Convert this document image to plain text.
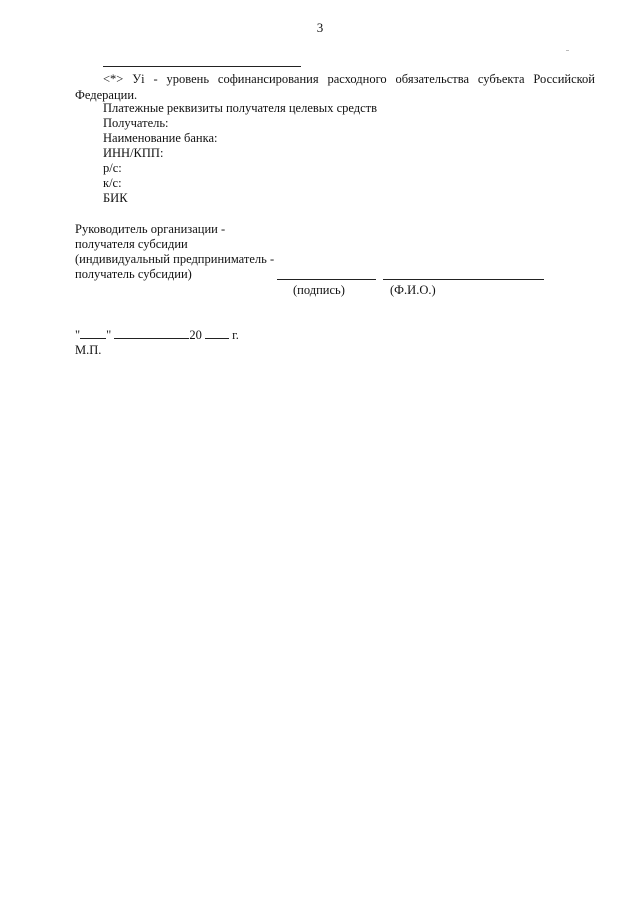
3
<*> Уi - уровень софинансирования расходного обязательства субъекта Российской
Федерации.
Платежные реквизиты получателя целевых средств
Получатель:
Наименование банка:
ИНН/КПП:
р/с:
к/с:
БИК
Руководитель организации -
получателя субсидии
(индивидуальный предприниматель -
получатель субсидии)
(подпись)	(Ф.И.О.)
" "	20 г.
М.П.
